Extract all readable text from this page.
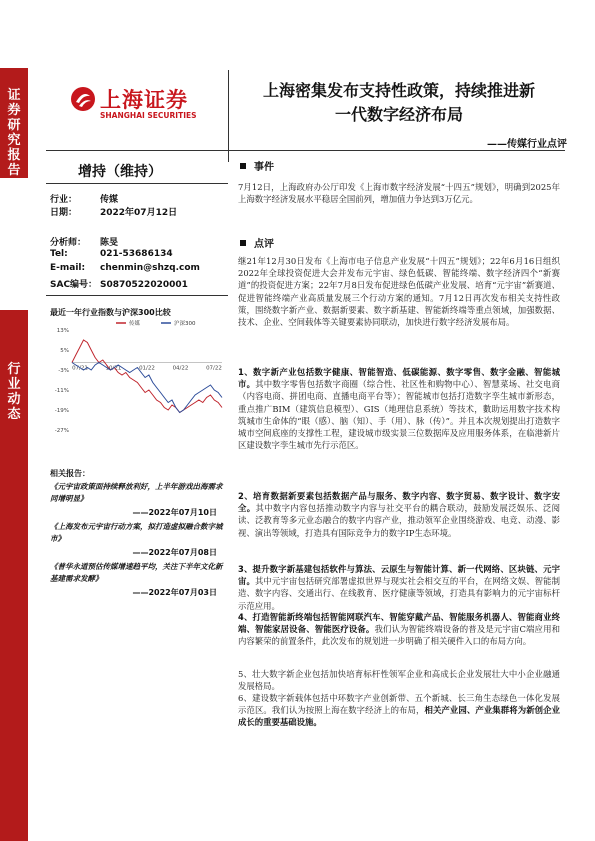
证券研究报告
行业动态
上海证券
SHANGHAI SECURITIES
上海密集发布支持性政策，持续推进新
一代数字经济布局
——传媒行业点评
增持（维持）
行业：	传媒
日期：	2022年07月12日
分析师： 陈旻
Tel:	021-53686134
E-mail: chenmin@shzq.com
SAC编号： S0870522020001
最近一年行业指数与沪深300比较
13%
5%
-3%
-11%
-19%
-27%
07/21	10/21	01/22	04/22	07/22
传媒	沪深300
相关报告：
《元宇宙政策面持续释放利好，上半年游戏出海需求同增明显》
——2022年07月10日
《上海发布元宇宙行动方案，拟打造虚拟融合数字城市》
——2022年07月08日
《普华永道预估传媒增速趋平均，关注下半年文化新基建需求发酵》
——2022年07月03日
事件
7月12日，上海政府办公厅印发《上海市数字经济发展“十四五”规划》，明确到2025年上海数字经济发展水平稳居全国前列，增加值力争达到3万亿元。
点评
继21年12月30日发布《上海市电子信息产业发展“十四五”规划》；22年6月16日组织2022年全球投资促进大会并发布元宇宙、绿色低碳、智能终端、数字经济四个“新赛道”的投资促进方案；22年7月8日发布促进绿色低碳产业发展、培育“元宇宙”新赛道、促进智能终端产业高质量发展三个行动方案的通知。7月12日再次发布相关支持性政策，围绕数字新产业、数据新要素、数字新基建、智能新终端等重点领域，加强数据、技术、企业、空间载体等关键要素协同联动，加快进行数字经济发展布局。
1、数字新产业包括数字健康、智能智造、低碳能源、数字零售、数字金融、智能城市。其中数字零售包括数字商圈（综合性、社区性和购物中心）、智慧菜场、社交电商（内容电商、拼团电商、直播电商平台等）；智能城市包括打造数字孪生城市新形态，重点推广BIM（建筑信息模型）、GIS（地理信息系统）等技术，數助运用数字技术构筑城市生命体的“眼（感）、脑（知）、手（用）、脉（传）”。并且本次规划提出打造数字城市空间底座的支撑性工程，建设城市级实景三位数据库及应用服务体系，在临港新片区建设数字孪生城市先行示范区。
2、培育数据新要素包括数据产品与服务、数字内容、数字贸易、数字设计、数字安全。其中数字内容包括推动数字内容与社交平台的耦合联动，鼓励发展泛娱乐、泛阅读、泛教育等多元业态融合的数字内容产业，推动领军企业围绕游戏、电竞、动漫、影视、演出等领域，打造具有国际竞争力的数字IP生态环境。
3、提升数字新基建包括软件与算法、云原生与智能计算、新一代网络、区块链、元宇宙。其中元宇宙包括研究部署虚拟世界与现实社会相交互的平台，在网络文娱、智能制造、数字内容、交通出行、在线教育、医疗健康等领域，打造具有影响力的元宇宙标杆示范应用。
4、打造智能新终端包括智能网联汽车、智能穿戴产品、智能服务机器人、智能商业终端、智能家居设备、智能医疗设备。我们认为智能终端设备的普及是元宇宙C端应用和内容繁荣的前置条件，此次发布的规划进一步明确了相关硬件入口的布局方向。
5、壮大数字新企业包括加快培育标杆性领军企业和高成长企业发展壮大中小企业融通发展格局。
6、建设数字新载体包括中环数字产业创新带、五个新城、长三角生态绿色一体化发展示范区。我们认为按照上海在数字经济上的布局，相关产业园、产业集群将为新创企业成长的重要基础设施。
